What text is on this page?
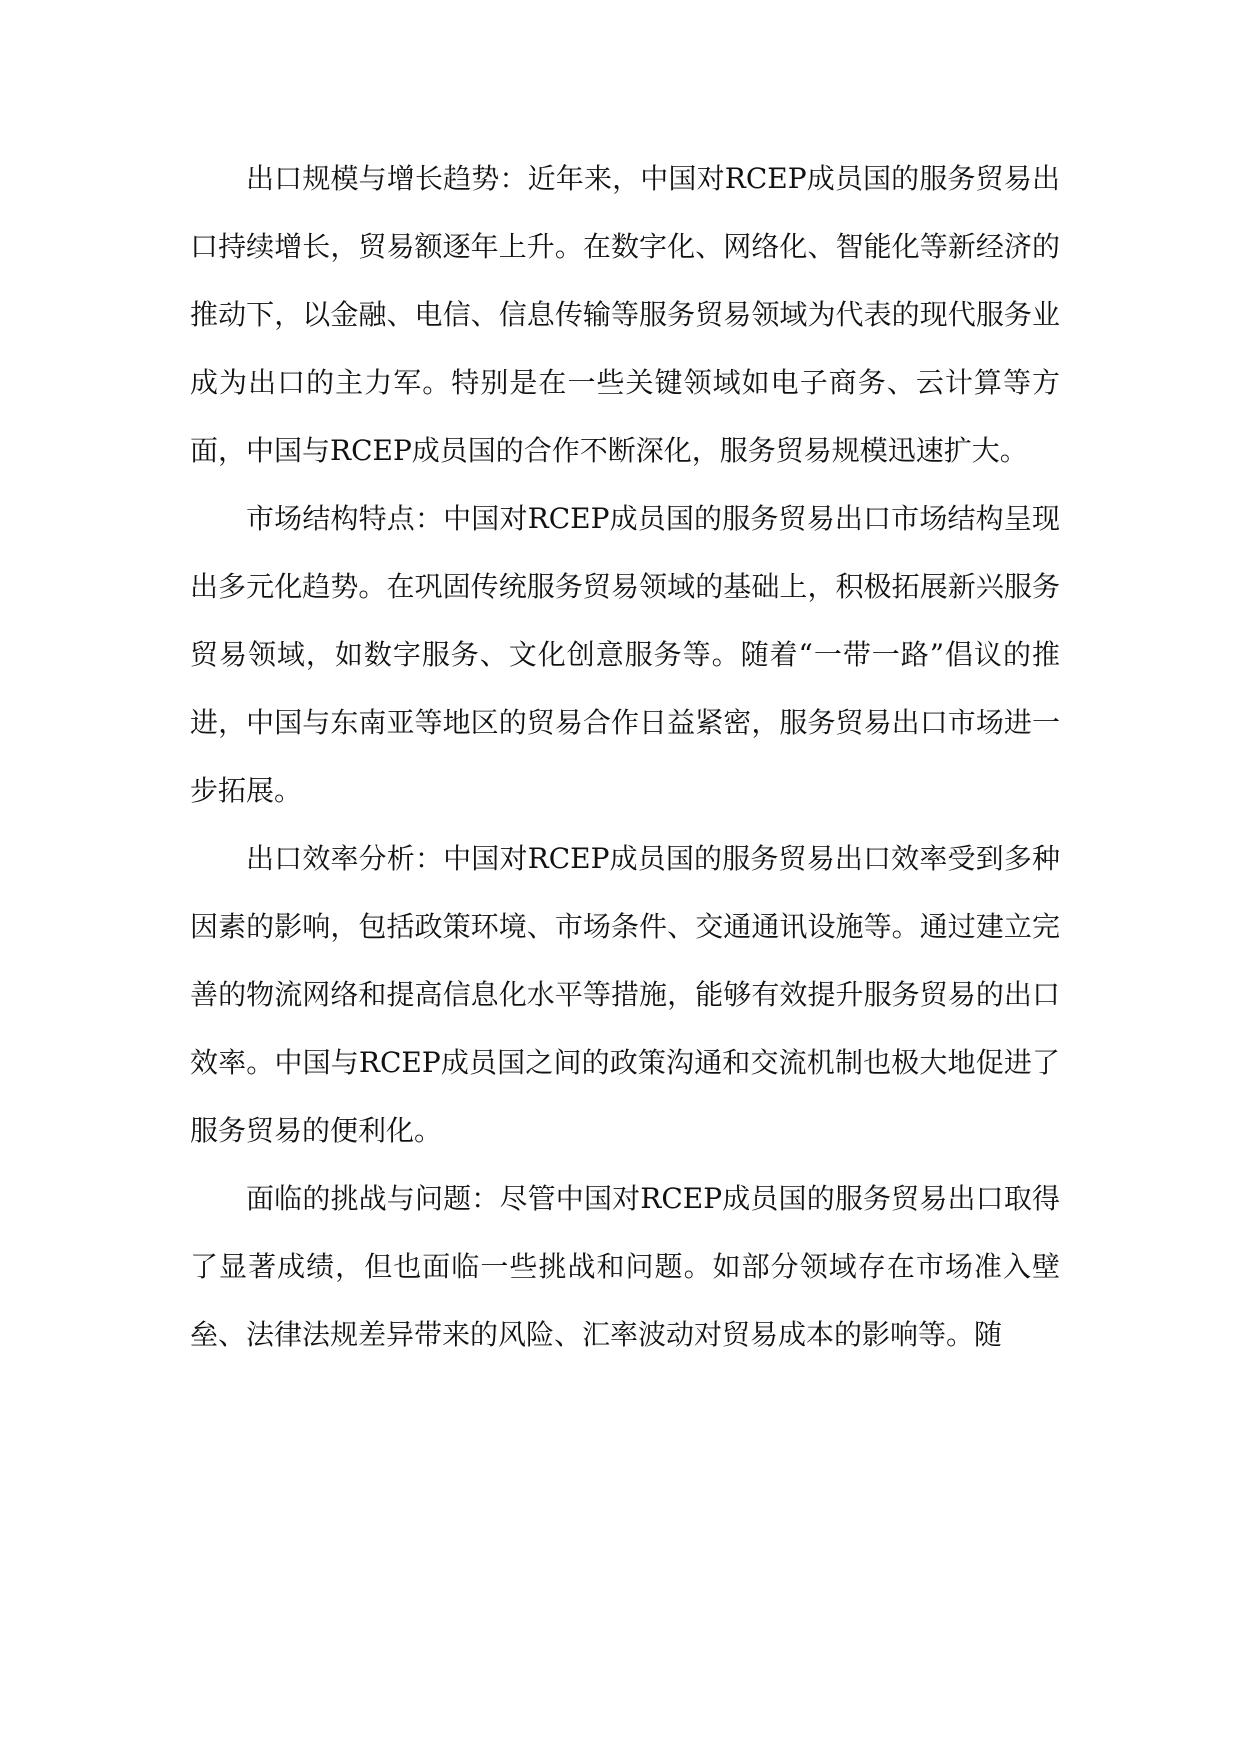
出口规模与增长趋势：近年来，中国对RCEP成员国的服务贸易出口持续增长，贸易额逐年上升。在数字化、网络化、智能化等新经济的推动下，以金融、电信、信息传输等服务贸易领域为代表的现代服务业成为出口的主力军。特别是在一些关键领域如电子商务、云计算等方面，中国与RCEP成员国的合作不断深化，服务贸易规模迅速扩大。

市场结构特点：中国对RCEP成员国的服务贸易出口市场结构呈现出多元化趋势。在巩固传统服务贸易领域的基础上，积极拓展新兴服务贸易领域，如数字服务、文化创意服务等。随着“一带一路”倡议的推进，中国与东南亚等地区的贸易合作日益紧密，服务贸易出口市场进一步拓展。

出口效率分析：中国对RCEP成员国的服务贸易出口效率受到多种因素的影响，包括政策环境、市场条件、交通通讯设施等。通过建立完善的物流网络和提高信息化水平等措施，能够有效提升服务贸易的出口效率。中国与RCEP成员国之间的政策沟通和交流机制也极大地促进了服务贸易的便利化。

面临的挑战与问题：尽管中国对RCEP成员国的服务贸易出口取得了显著成绩，但也面临一些挑战和问题。如部分领域存在市场准入壁垒、法律法规差异带来的风险、汇率波动对贸易成本的影响等。随
